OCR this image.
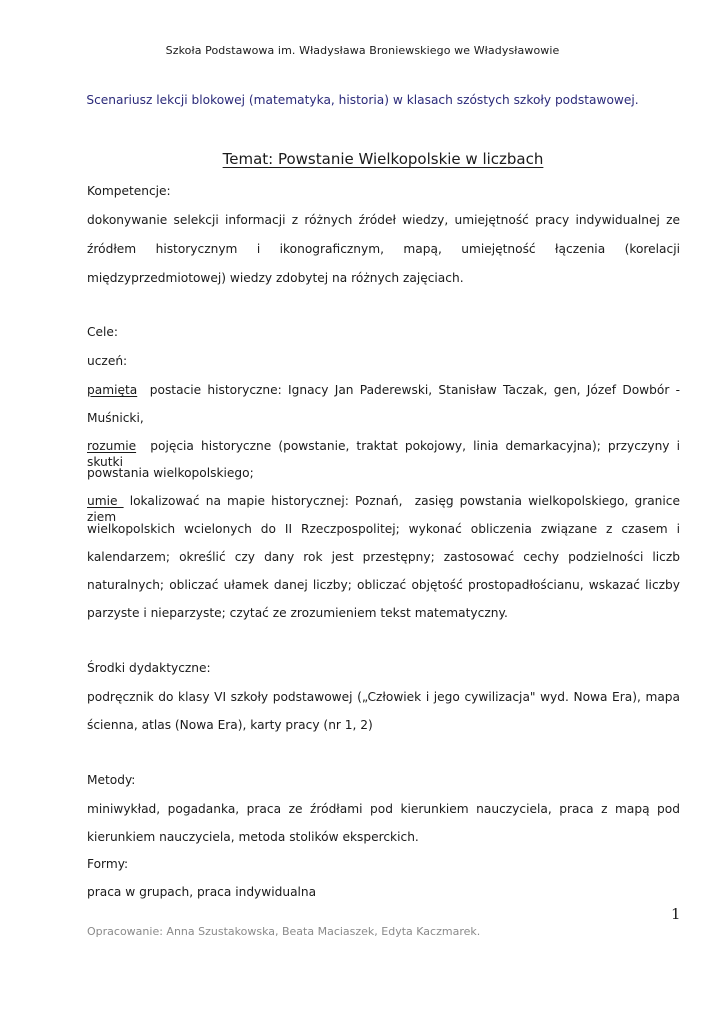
Szkoła Podstawowa im. Władysława Broniewskiego we Władysławowie
Scenariusz lekcji blokowej (matematyka, historia) w klasach szóstych szkoły podstawowej.
Temat: Powstanie Wielkopolskie w liczbach
Kompetencje:
dokonywanie selekcji informacji z różnych źródeł wiedzy, umiejętność pracy indywidualnej ze
źródłem historycznym i ikonograficznym, mapą, umiejętność łączenia (korelacji
międzyprzedmiotowej) wiedzy zdobytej na różnych zajęciach.
Cele:
uczeń:
pamięta  postacie historyczne: Ignacy Jan Paderewski, Stanisław Taczak, gen, Józef Dowbór -
Muśnicki,
rozumie  pojęcia historyczne (powstanie, traktat pokojowy, linia demarkacyjna); przyczyny i skutki
powstania wielkopolskiego;
umie  lokalizować na mapie historycznej: Poznań,  zasięg powstania wielkopolskiego, granice ziem
wielkopolskich wcielonych do II Rzeczpospolitej; wykonać obliczenia związane z czasem i
kalendarzem; określić czy dany rok jest przestępny; zastosować cechy podzielności liczb
naturalnych; obliczać ułamek danej liczby; obliczać objętość prostopadłościanu, wskazać liczby
parzyste i nieparzyste; czytać ze zrozumieniem tekst matematyczny.
Środki dydaktyczne:
podręcznik do klasy VI szkoły podstawowej („Człowiek i jego cywilizacja" wyd. Nowa Era), mapa
ścienna, atlas (Nowa Era), karty pracy (nr 1, 2)
Metody:
miniwykład, pogadanka, praca ze źródłami pod kierunkiem nauczyciela, praca z mapą pod
kierunkiem nauczyciela, metoda stolików eksperckich.
Formy:
praca w grupach, praca indywidualna
1
Opracowanie: Anna Szustakowska, Beata Maciaszek, Edyta Kaczmarek.
